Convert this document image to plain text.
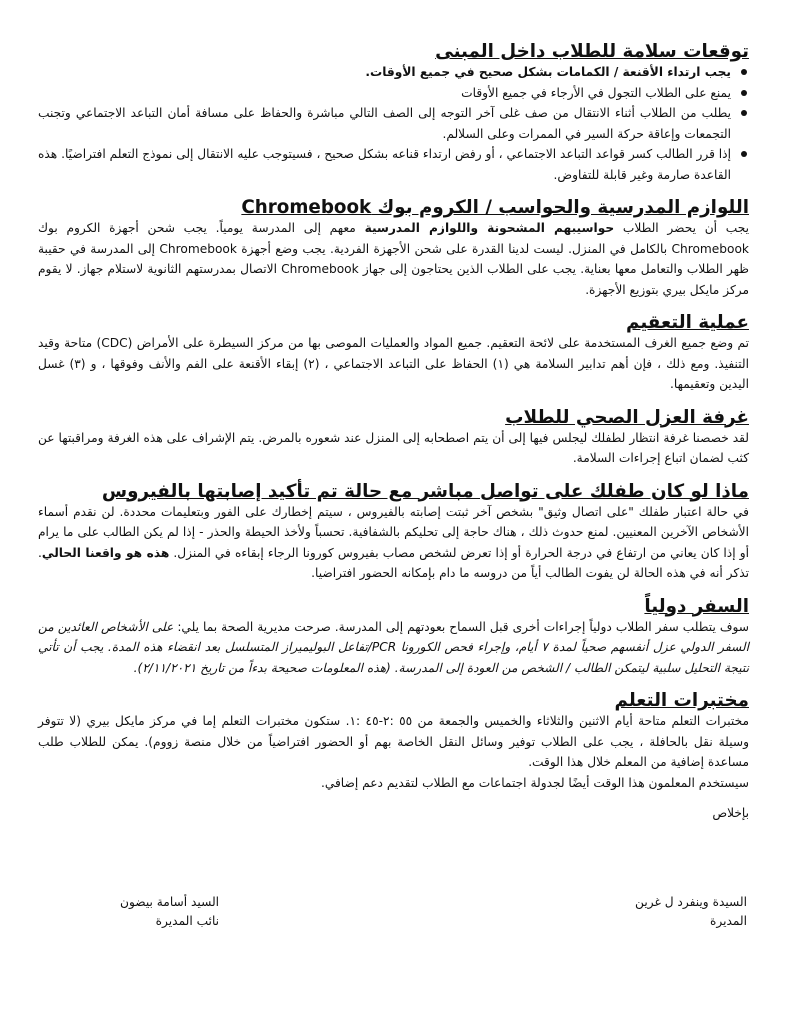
توقعات سلامة للطلاب داخل المبنى
يجب ارتداء الأقنعة / الكمامات بشكل صحيح في جميع الأوقات.
يمنع على الطلاب التجول في الأرجاء في جميع الأوقات
يطلب من الطلاب أثناء الانتقال من صف غلى آخر التوجه إلى الصف التالي مباشرة والحفاظ على مسافة أمان التباعد الاجتماعي وتجنب التجمعات وإعاقة حركة السير في الممرات وعلى السلالم.
إذا قرر الطالب كسر قواعد التباعد الاجتماعي ، أو رفض ارتداء قناعه بشكل صحيح ، فسيتوجب عليه الانتقال إلى نموذج التعلم افتراضيًا. هذه القاعدة صارمة وغير قابلة للتفاوض.
اللوازم المدرسية والحواسب / الكروم بوك Chromebook

يجب أن يحضر الطلاب حواسيبهم المشحونة واللوازم المدرسية معهم إلى المدرسة يومياً. يجب شحن أجهزة الكروم بوك Chromebook بالكامل في المنزل. ليست لدينا القدرة على شحن الأجهزة الفردية. يجب وضع أجهزة Chromebook إلى المدرسة في حقيبة ظهر الطلاب والتعامل معها بعناية. يجب على الطلاب الذين يحتاجون إلى جهاز Chromebook الاتصال بمدرستهم الثانوية لاستلام جهاز. لا يقوم مركز مايكل بيري بتوزيع الأجهزة.

عملية التعقيم

تم وضع جميع الغرف المستخدمة على لائحة التعقيم. جميع المواد والعمليات الموصى بها من مركز السيطرة على الأمراض (CDC) متاحة وقيد التنفيذ. ومع ذلك ، فإن أهم تدابير السلامة هي (١) الحفاظ على التباعد الاجتماعي ، (٢) إبقاء الأقنعة على الفم والأنف وفوقها ، و (٣) غسل اليدين وتعقيمها.

غرفة العزل الصحي للطلاب

لقد خصصنا غرفة انتظار لطفلك ليجلس فيها إلى أن يتم اصطحابه إلى المنزل عند شعوره بالمرض. يتم الإشراف على هذه الغرفة ومراقبتها عن كثب لضمان اتباع إجراءات السلامة.

ماذا لو كان طفلك على تواصل مباشر مع حالة تم تأكيد إصابتها بالفيروس

في حالة اعتبار طفلك "على اتصال وثيق" بشخص آخر ثبتت إصابته بالفيروس ، سيتم إخطارك على الفور وبتعليمات محددة. لن نقدم أسماء الأشخاص الآخرين المعنيين. لمنع حدوث ذلك ، هناك حاجة إلى تحليكم بالشفافية. تحسباً ولأخذ الحيطة والحذر - إذا لم يكن الطالب على ما يرام أو إذا كان يعاني من ارتفاع في درجة الحرارة أو إذا تعرض لشخص مصاب بفيروس كورونا الرجاء إبقاءه في المنزل. هذه هو واقعنا الحالي. تذكر أنه في هذه الحالة لن يفوت الطالب أياً من دروسه ما دام بإمكانه الحضور افتراضيا.

السفر دولياً

سوف يتطلب سفر الطلاب دولياً إجراءات أخرى قبل السماح بعودتهم إلى المدرسة. صرحت مديرية الصحة بما يلي: على الأشخاص العائدين من السفر الدولي عزل أنفسهم صحياً لمدة ٧ أيام، وإجراء فحص الكورونا PCR/تفاعل البوليميراز المتسلسل بعد انقضاء هذه المدة. يجب أن تأتي نتيجة التحليل سلبية ليتمكن الطالب / الشخص من العودة إلى المدرسة. (هذه المعلومات صحيحة بدءاً من تاريخ ٢/١١/٢٠٢١).

مختبرات التعلم

مختبرات التعلم متاحة أيام الاثنين والثلاثاء والخميس والجمعة من ٥٥ :٢-٤٥ :١. ستكون مختبرات التعلم إما في مركز مايكل بيري (لا تتوفر وسيلة نقل بالحافلة ، يجب على الطلاب توفير وسائل النقل الخاصة بهم أو الحضور افتراضياً من خلال منصة زووم). يمكن للطلاب طلب مساعدة إضافية من المعلم خلال هذا الوقت.

سيستخدم المعلمون هذا الوقت أيضًا لجدولة اجتماعات مع الطلاب لتقديم دعم إضافي.

بإخلاص

السيدة وينفرد ل غرين
المديرة
السيد أسامة بيضون
نائب المديرة
